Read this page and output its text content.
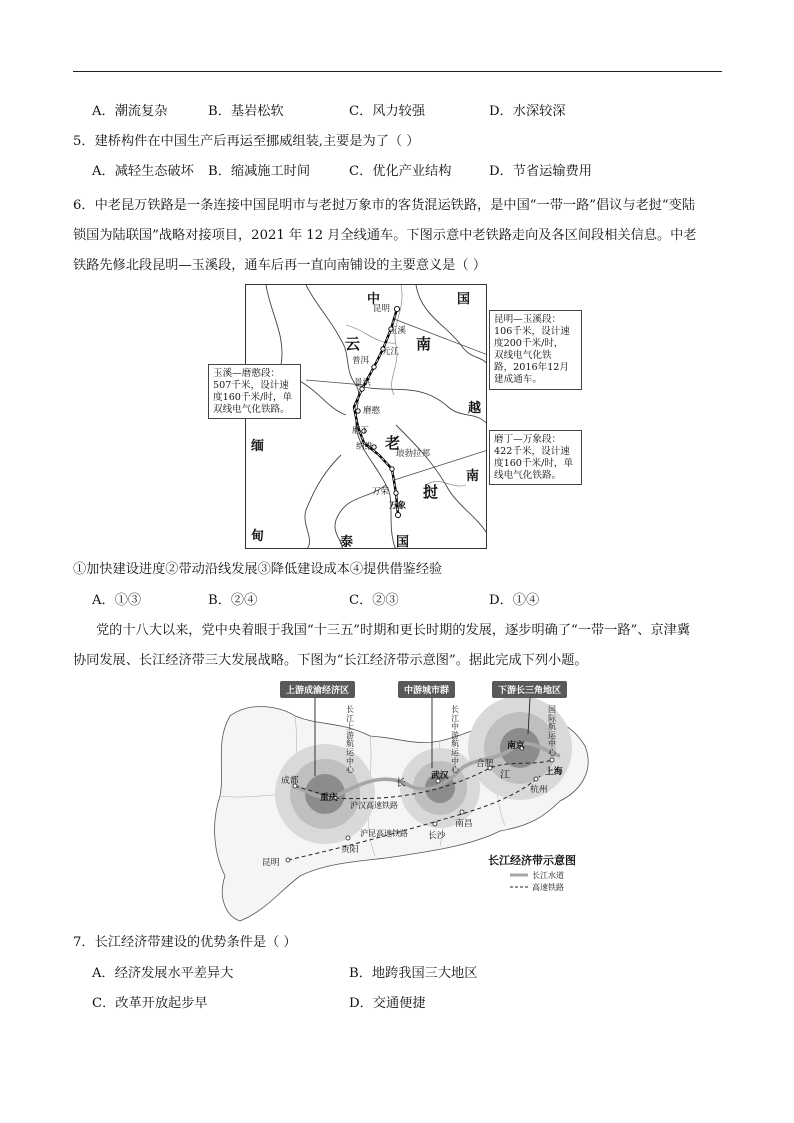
A．潮流复杂	B．基岩松软	C．风力较强	D．水深较深
5．建桥构件在中国生产后再运至挪威组装,主要是为了（ ）
A．减轻生态破坏 B．缩减施工时间	C．优化产业结构	D．节省运输费用
6．中老昆万铁路是一条连接中国昆明市与老挝万象市的客货混运铁路，是中国“一带一路”倡议与老挝“变陆
锁国为陆联国”战略对接项目，2021 年 12 月全线通车。下图示意中老铁路走向及各区间段相关信息。中老
铁路先修北段昆明—玉溪段，通车后再一直向南铺设的主要意义是（ ）
中	国
云	南
越
缅
甸
老
挝
泰	国
南
昆明
玉溪
元江
普洱
景洪
磨憨
磨丁
纳维
琅勃拉邦
万荣
万象
昆明—玉溪段：
106千米，设计速
度200千米/时，
双线电气化铁
路，2016年12月
建成通车。
玉溪—磨憨段：
507千米，设计速
度160千米/时，单
双线电气化铁路。
磨丁—万象段：
422千米，设计速
度160千米/时，单
线电气化铁路。
①加快建设进度②带动沿线发展③降低建设成本④提供借鉴经验
A．①③	B．②④	C．②③	D．①④
党的十八大以来，党中央着眼于我国“十三五”时期和更长时期的发展，逐步明确了“一带一路”、京津冀
协同发展、长江经济带三大发展战略。下图为“长江经济带示意图”。据此完成下列小题。
上游成渝经济区	中游城市群	下游长三角地区
长江上游航运中心
长江中游航运中心
国际航运中心
成都
重庆
武汉
合肥
南京
上海
杭州
南昌
长沙
贵阳
昆明
长
江
沪汉高速铁路
沪昆高速铁路
长江经济带示意图
长江水道
高速铁路
7．长江经济带建设的优势条件是（ ）
A．经济发展水平差异大	B．地跨我国三大地区
C．改革开放起步早	D．交通便捷
